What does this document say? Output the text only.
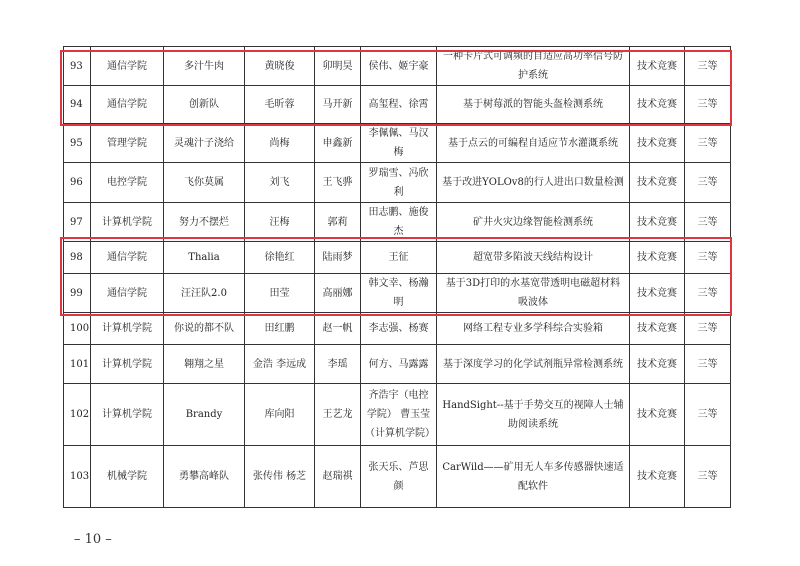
93	通信学院	多汁牛肉	黄晓俊	卯明昊	侯伟、姬宇豪	一种卡片式可调频的自适应高功率信号防护系统	技术竞赛	三等
94	通信学院	创新队	毛昕蓉	马开新	高玺程、徐霄	基于树莓派的智能头盔检测系统	技术竞赛	三等
95	管理学院	灵魂汁子浇给	尚梅	申鑫新	李佩佩、马汉梅	基于点云的可编程自适应节水灌溉系统	技术竞赛	三等
96	电控学院	飞你莫属	刘飞	王飞骅	罗瑞雪、冯欣利	基于改进YOLOv8的行人进出口数量检测	技术竞赛	三等
97	计算机学院	努力不摆烂	汪梅	郭莉	田志鹏、施俊杰	矿井火灾边缘智能检测系统	技术竞赛	三等
98	通信学院	Thalia	徐艳红	陆雨梦	王征	超宽带多陷波天线结构设计	技术竞赛	三等
99	通信学院	汪汪队2.0	田莹	高丽娜	韩文幸、杨瀚明	基于3D打印的水基宽带透明电磁超材料吸波体	技术竞赛	三等
100	计算机学院	你说的都不队	田红鹏	赵一帆	李志强、杨赛	网络工程专业多学科综合实验箱	技术竞赛	三等
101	计算机学院	翱翔之星	金浩 李远成	李瑶	何方、马露露	基于深度学习的化学试剂瓶异常检测系统	技术竞赛	三等
102	计算机学院	Brandy	库向阳	王艺龙	齐浩宇（电控学院） 曹玉莹（计算机学院）	HandSight--基于手势交互的视障人士辅助阅读系统	技术竞赛	三等
103	机械学院	勇攀高峰队	张传伟 杨芝	赵瑞祺	张天乐、芦思颜	CarWild——矿用无人车多传感器快速适配软件	技术竞赛	三等
– 10 –
